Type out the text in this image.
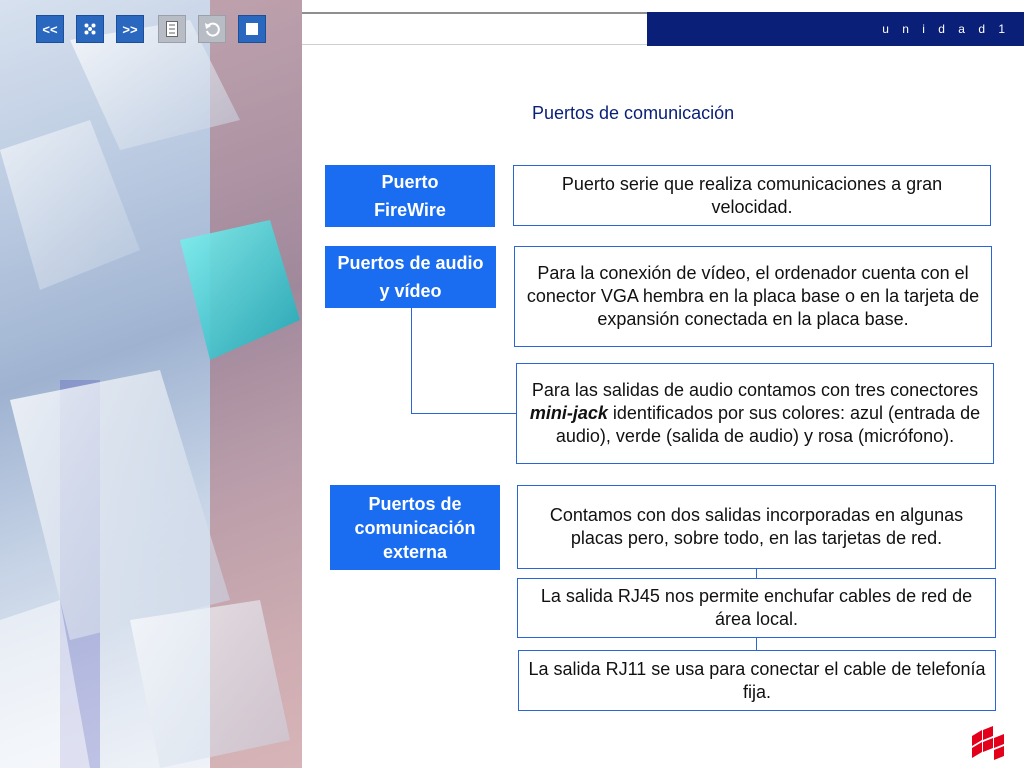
<<	>>	u n i d a d 1
Puertos de comunicación
Puerto FireWire
Puerto serie que realiza comunicaciones a gran velocidad.
Puertos de audio y vídeo
Para la conexión de vídeo, el ordenador cuenta con el conector VGA hembra en la placa base o en la tarjeta de expansión conectada en la placa base.
Para las salidas de audio contamos con tres conectores mini-jack identificados por sus colores: azul (entrada de audio), verde (salida de audio) y rosa (micrófono).
Puertos de comunicación externa
Contamos con dos salidas incorporadas en algunas placas pero, sobre todo, en las tarjetas de red.
La salida RJ45 nos permite enchufar cables de red de área local.
La salida RJ11 se usa para conectar el cable de telefonía fija.
